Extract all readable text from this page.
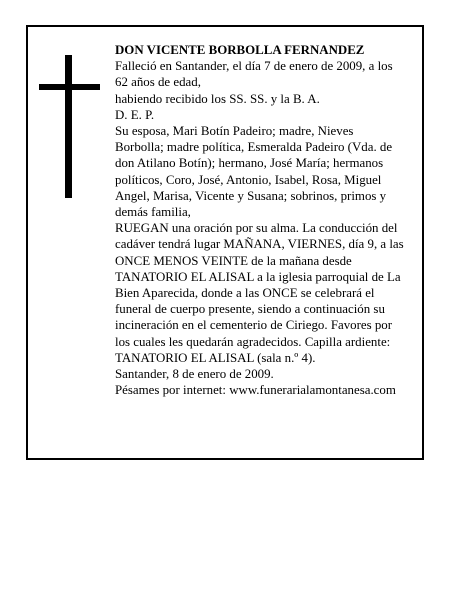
DON VICENTE BORBOLLA FERNANDEZ

Falleció en Santander, el día 7 de enero de 2009, a los

62 años de edad,

habiendo recibido los SS. SS. y la B. A.

D. E. P.

Su esposa, Mari Botín Padeiro; madre, Nieves

Borbolla; madre política, Esmeralda Padeiro (Vda. de

don Atilano Botín); hermano, José María; hermanos

políticos, Coro, José, Antonio, Isabel, Rosa, Miguel

Angel, Marisa, Vicente y Susana; sobrinos, primos y

demás familia,

RUEGAN una oración por su alma. La conducción del

cadáver tendrá lugar MAÑANA, VIERNES, día 9, a las

ONCE MENOS VEINTE de la mañana desde

TANATORIO EL ALISAL a la iglesia parroquial de La

Bien Aparecida, donde a las ONCE se celebrará el

funeral de cuerpo presente, siendo a continuación su

incineración en el cementerio de Ciriego. Favores por

los cuales les quedarán agradecidos. Capilla ardiente:

TANATORIO EL ALISAL (sala n.º 4).

Santander, 8 de enero de 2009.

Pésames por internet: www.funerarialamontanesa.com
